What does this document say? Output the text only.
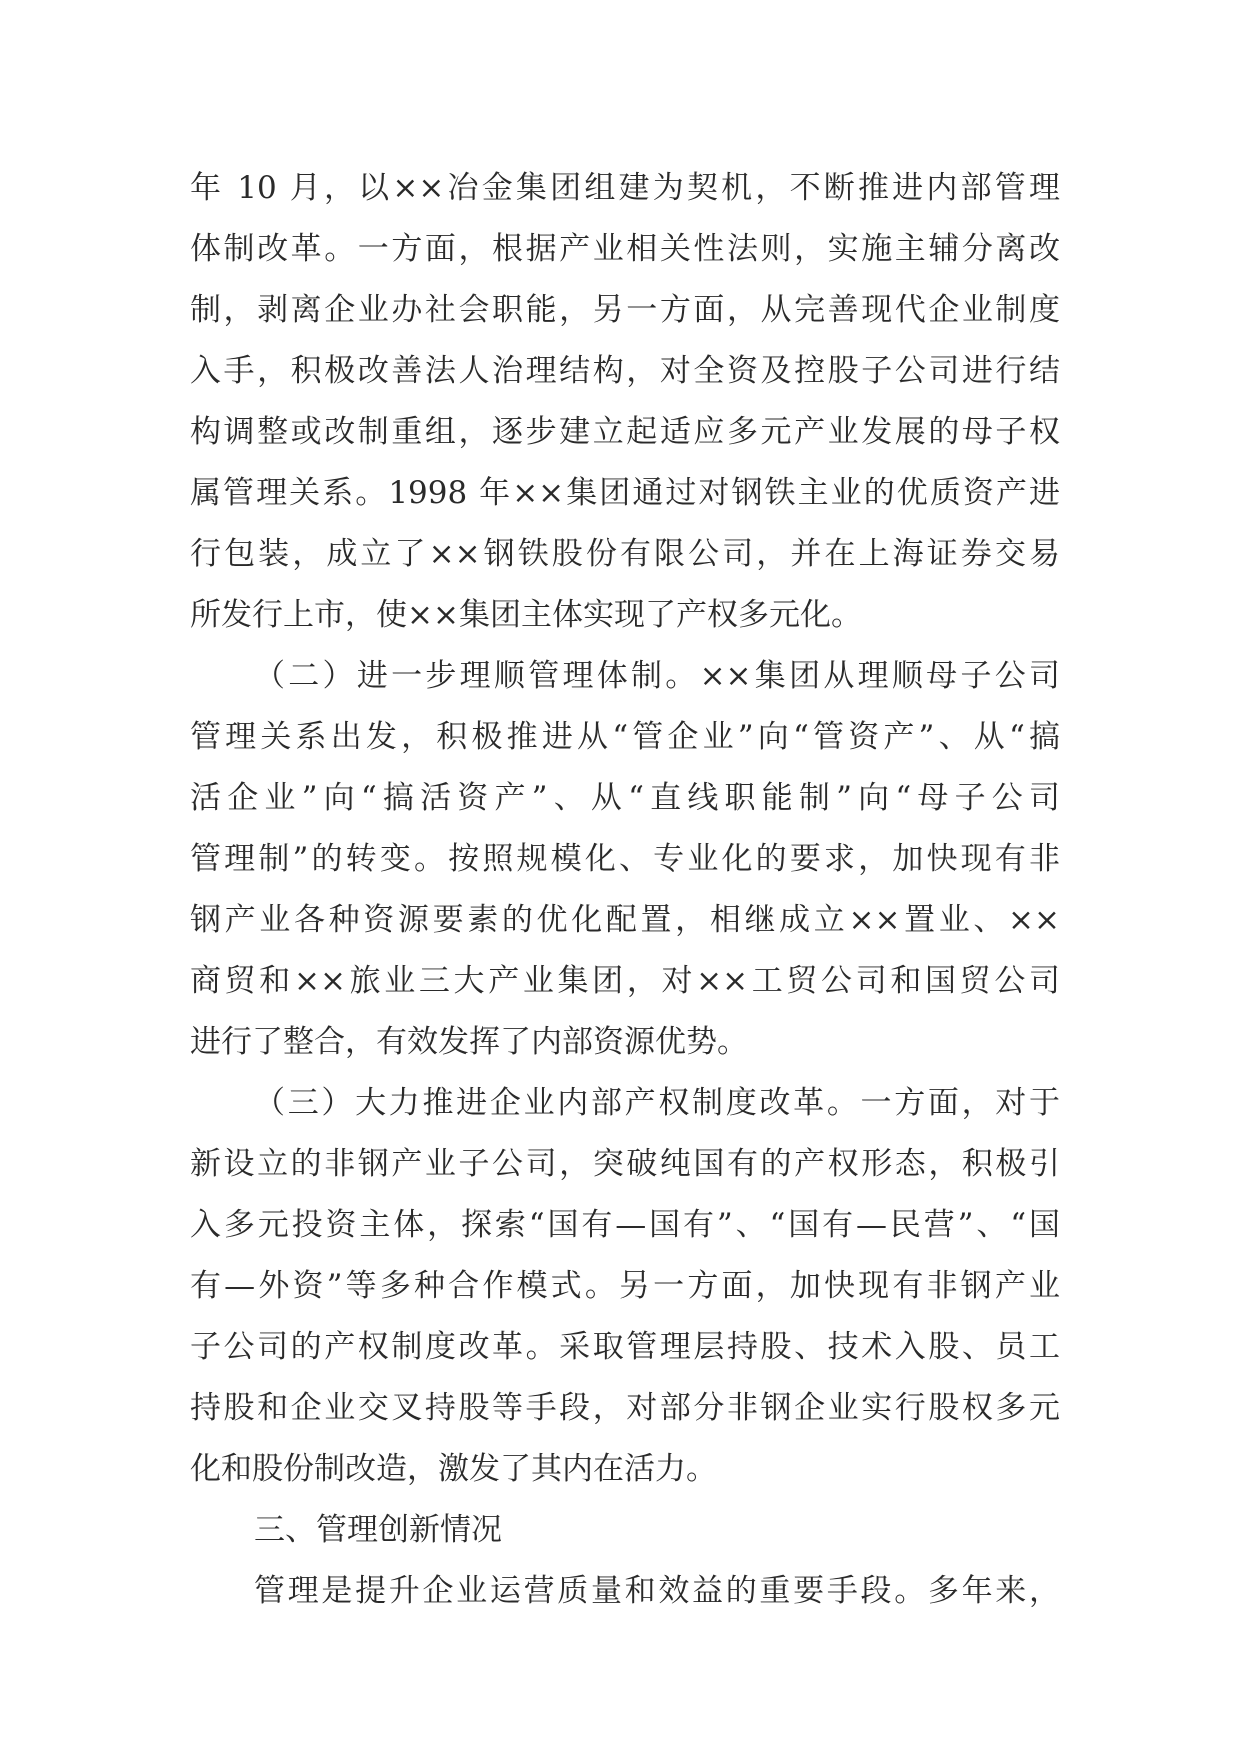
年 10 月，以××冶金集团组建为契机，不断推进内部管理
体制改革。一方面，根据产业相关性法则，实施主辅分离改
制，剥离企业办社会职能，另一方面，从完善现代企业制度
入手，积极改善法人治理结构，对全资及控股子公司进行结
构调整或改制重组，逐步建立起适应多元产业发展的母子权
属管理关系。1998 年××集团通过对钢铁主业的优质资产进
行包装，成立了××钢铁股份有限公司，并在上海证券交易
所发行上市，使××集团主体实现了产权多元化。
（二）进一步理顺管理体制。××集团从理顺母子公司
管理关系出发，积极推进从“管企业”向“管资产”、从“搞
活企业”向“搞活资产”、从“直线职能制”向“母子公司
管理制”的转变。按照规模化、专业化的要求，加快现有非
钢产业各种资源要素的优化配置，相继成立××置业、××
商贸和××旅业三大产业集团，对××工贸公司和国贸公司
进行了整合，有效发挥了内部资源优势。
（三）大力推进企业内部产权制度改革。一方面，对于
新设立的非钢产业子公司，突破纯国有的产权形态，积极引
入多元投资主体，探索“国有—国有”、“国有—民营”、“国
有—外资”等多种合作模式。另一方面，加快现有非钢产业
子公司的产权制度改革。采取管理层持股、技术入股、员工
持股和企业交叉持股等手段，对部分非钢企业实行股权多元
化和股份制改造，激发了其内在活力。
三、管理创新情况
管理是提升企业运营质量和效益的重要手段。多年来，
